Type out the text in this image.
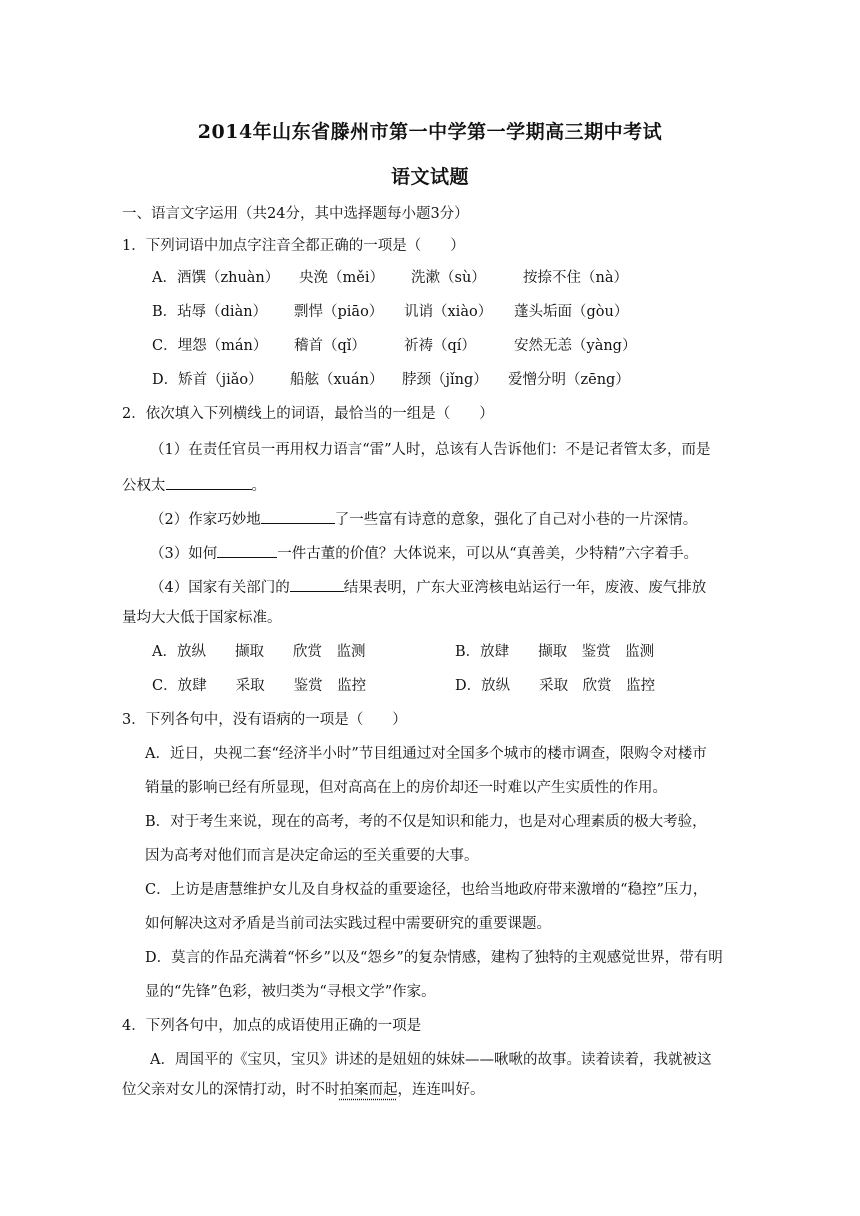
2014年山东省滕州市第一中学第一学期高三期中考试
语文试题
一、语言文字运用（共24分，其中选择题每小题3分）
1．下列词语中加点字注音全都正确的一项是（　　）
A．酒馔（zhuàn） 央浼（měi） 洗漱（sù）	按捺不住（nà）
B．玷辱（diàn） 剽悍（piāo） 讥诮（xiào） 蓬头垢面（gòu）
C．埋怨（mán） 稽首（qǐ）	祈祷（qí）	安然无恙（yàng）
D．矫首（jiǎo） 船舷（xuán） 脖颈（jǐng） 爱憎分明（zēng）
2．依次填入下列横线上的词语，最恰当的一组是（　　）
（1）在责任官员一再用权力语言“雷”人时，总该有人告诉他们：不是记者管太多，而是
公权太	。
（2）作家巧妙地	了一些富有诗意的意象，强化了自己对小巷的一片深情。
（3）如何	一件古董的价值？大体说来，可以从“真善美，少特精”六字着手。
（4）国家有关部门的	结果表明，广东大亚湾核电站运行一年，废液、废气排放
量均大大低于国家标准。
A．放纵　　撷取　　欣赏　监测	B．放肆　　撷取　鉴赏　监测
C．放肆　　采取　　鉴赏　监控	D．放纵　　采取　欣赏　监控
3．下列各句中，没有语病的一项是（　　）
A．近日，央视二套“经济半小时”节目组通过对全国多个城市的楼市调查，限购令对楼市
销量的影响已经有所显现，但对高高在上的房价却还一时难以产生实质性的作用。
B．对于考生来说，现在的高考，考的不仅是知识和能力，也是对心理素质的极大考验，
因为高考对他们而言是决定命运的至关重要的大事。
C．上访是唐慧维护女儿及自身权益的重要途径，也给当地政府带来激增的“稳控”压力，
如何解决这对矛盾是当前司法实践过程中需要研究的重要课题。
D．莫言的作品充满着“怀乡”以及“怨乡”的复杂情感，建构了独特的主观感觉世界，带有明
显的“先锋”色彩，被归类为“寻根文学”作家。
4．下列各句中，加点的成语使用正确的一项是
A．周国平的《宝贝，宝贝》讲述的是妞妞的妹妹——啾啾的故事。读着读着，我就被这
位父亲对女儿的深情打动，时不时拍案而起，连连叫好。
